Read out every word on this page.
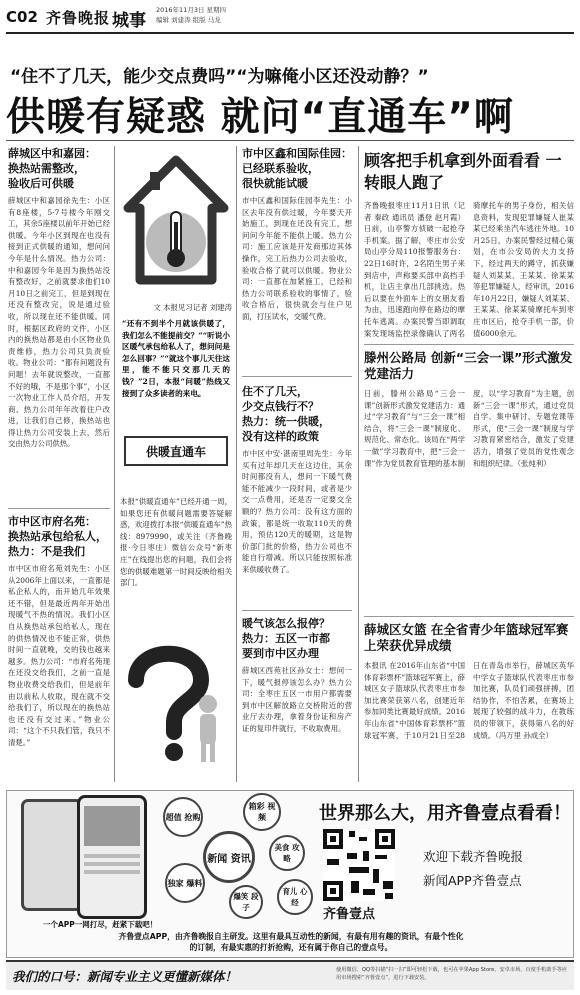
C02 齐鲁晚报 城事
2016年11月3日 星期四
编辑 刘建涛 组版 马龙
“住不了几天，能少交点费吗”“为嘛俺小区还没动静？”
供暖有疑惑 就问“直通车”啊
薛城区中和嘉园：
换热站需整改，
验收后可供暖
薛城区中和嘉园徐先生：小区有8座楼，5-7号楼今年刚交工，其余5座楼以前年开始已经供暖。今年小区到现在也没有接到正式供暖的通知，想问问今年是什么情况。热力公司：中和嘉园今年是因为换热站没有整改好，之前就要求他们10月10日之前完工，但是到现在还没有整改完，说是通过验收，所以现在还不能供暖。同时，根据区政府的文件，小区内的换热站都是由小区物业负责维修，热力公司只负责验收。物业公司：“都有问题没有问题！去年就说整改，一直都不好的哦，不是那个事”，小区一次物业工作人员介绍，开发商、热力公司年年改着住户改进，让我们自己修，换热站也得让热力公司安装上去，然后交由热力公司供热。
市中区市府名苑：
换热站承包给私人，
热力：不是我们
市中区市府名苑刘先生：小区从2006年上面以来，一直都是私企私人的，而开始几年效果还不错，但是最近两年开始出现暖气不热的情况。我们小区自从换热站承包给私人，现在的供热情况也不能正常，供热时间一直就晚，交的钱也越来越多。热力公司：“市府名苑现在还没交给我们，之前一直是物业收费交给我们，但是前年由以前私人收取，现在就不交给我们了，所以现在的换热站也还没有交过来。”物业公司：“这个不只我们管，我只不清楚。”
文 本报见习记者 刘建涛
“还有不到半个月就该供暖了，我们怎么不能提前交？”“听说小区暖气承包给私人了，想问问是怎么回事？”“就这个事儿天往这里，能不能只交那几天的钱？”2日，本报“问暖”热线又接到了众多读者的来电。
供暖直通车
本报“供暖直通车”已经开通一周，如果您还有供暖问题需要答疑解惑，欢迎拨打本报“供暖直通车”热线：8979990，或关注（齐鲁晚报·今日枣庄）微信公众号“新枣庄”在线提出您的问题，我们会将您的供暖难题第一时间反映给相关部门。
市中区鑫和国际佳园：
已经联系验收，
很快就能试暖
市中区鑫和国际佳园李先生：小区去年没有供过暖，今年要天开始施工，到现在还没有完工，想问问今年能不能供上暖。热力公司：施工应该是开发商那边其体操作，完工后热力公司去验收，验收合格了就可以供暖。物业公司：一直都在加紧施工，已经和热力公司联系验收的事情了，验收合格后，很快就会与住户见面，打压试水，交暖气费。
住不了几天，
少交点钱行不？
热力：统一供暖，
没有这样的政策
市中区中安·湛南里周先生：今年买有过年却几天在这边住，其余时间都没有人，想问一下暖气费能不能减少一段时间，或者是少交一点费用，还是否一定要交全额的？热力公司：没有这方面的政策，都是统一收取110天的费用，预估120天的暖期，这是物价部门批的价格，热力公司也不能自行增减。所以只能按照标准来供暖收费了。
暖气该怎么报停？
热力：五区一市都
要到市中区办理
薛城区西苑社区孙女士：想问一下，暖气报停该怎么办？热力公司：全枣庄五区一市用户都需要到市中区解放路立交桥附近的营业厅去办理，拿着身份证和房产证的复印件就行，不收取费用。
顾客把手机拿到外面看看 一转眼人跑了
齐鲁晚报枣庄11月1日讯（记者 秦政 通讯员 潘登 赵月霞）日前，山亭警方侦破一起抢夺手机案。据了解，枣庄市公安局山亭分局110报警服务台：22日16时许，2名陌生男子来到店中，声称要买部中高档手机，让店主拿出几部挑选。热后以要在外面车上的女朋友看为由，迅速跑向停在路边的摩托车逃离。办案民警当即调取案发现场监控录像确认了两名骑摩托车的男子身份，相关信息资料，发现犯罪嫌疑人崔某某已经乘坐汽车逃往外地。10月25日，办案民警经过精心策划，在市公安局的大力支持下，经过两天的蹲守，抓获嫌疑人刘某某、王某某、徐某某等犯罪嫌疑人，经审讯，2016年10月22日，嫌疑人刘某某、王某某、徐某某骑摩托车到枣庄市区后，抢夺手机一部，价值6000余元。
滕州公路局 创新“三会一课”形式激发党建活力
日前，滕州公路局“三会一课”创新形式激发党建活力：通过“学习教育”与“三会一课”相结合，将“三会一课”制度化、规范化、常态化。该局在“两学一做”学习教育中，把“三会一课”作为党员教育管理的基本制度，以“学习教育”为主题，创新“三会一课”形式，通过党员自学、集中研讨、专题党课等形式，使“三会一课”制度与学习教育紧密结合，激发了党建活力，增强了党员的党性观念和组织纪律。（张纯利）
薛城区女篮 在全省青少年篮球冠军赛上荣获优异成绩
本报讯 在2016年山东省“中国体育彩票杯”篮球冠军赛上，薛城区女子篮球队代表枣庄市参加比赛荣获第八名，创建近年参加同类比赛最好成绩。2016年山东省“中国体育彩票杯”篮球冠军赛，于10月21日至28日在青岛市举行，薛城区英华中学女子篮球队代表枣庄市参加比赛，队员们顽强拼搏，团结协作，不怕苦累，在赛场上展现了较强的战斗力，在教练员的带领下，获得第八名的好成绩。（冯万里 孙成全）
一个APP一网打尽，赶紧下载吧！
超值 抢购
箱彩 视频
新闻 资讯
美食 攻略
独家 爆料
爆笑 段子
育儿 心经
世界那么大，用齐鲁壹点看看！
齐鲁壹点
欢迎下载齐鲁晚报
新闻APP齐鲁壹点
齐鲁壹点APP，由齐鲁晚报自主研发。这里有最具互动性的新闻，有最有用有趣的资讯，有最个性化
的订制，有最实惠的打折抢购，还有属于你自己的壹点号。
我们的口号：新闻专业主义更懂新媒体！	使用微信、QQ等扫描“扫一扫”即可轻松下载，也可在苹果App Store、安卓市场、百度手机助手等应用市场搜索“齐鲁壹点”，进行下载安装。
